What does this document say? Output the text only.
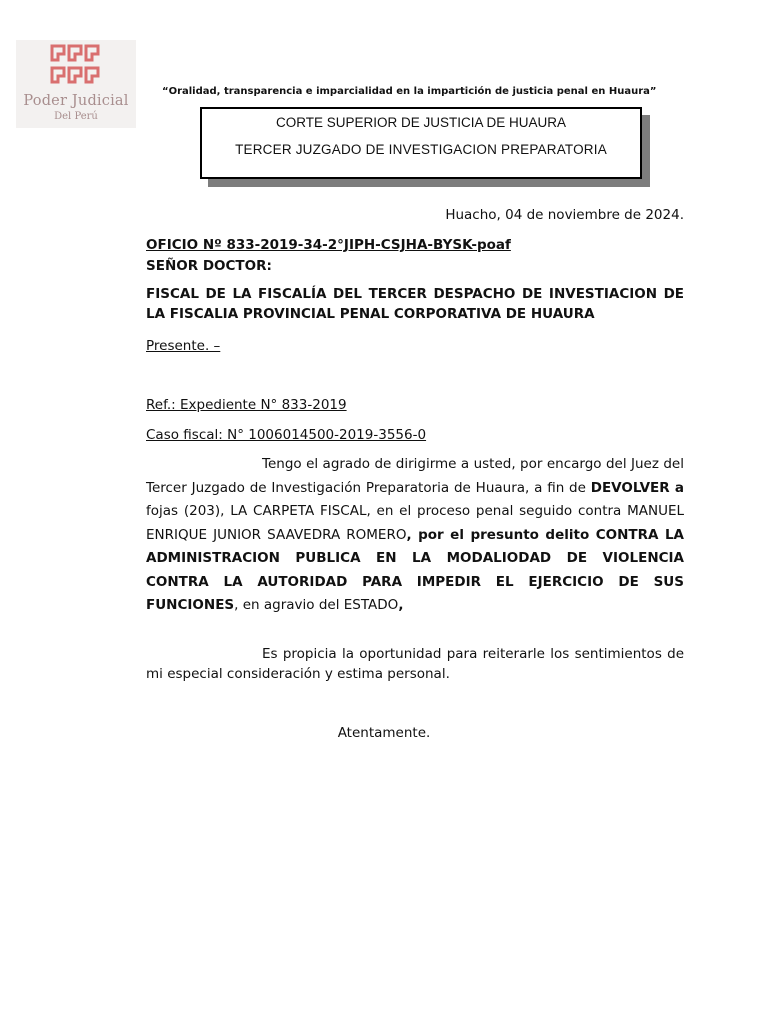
Poder Judicial
Del Perú
“Oralidad, transparencia e imparcialidad en la impartición de justicia penal en Huaura”
CORTE SUPERIOR DE JUSTICIA DE HUAURA
TERCER JUZGADO DE INVESTIGACION PREPARATORIA
Huacho, 04 de noviembre de 2024.
OFICIO Nº 833-2019-34-2°JIPH-CSJHA-BYSK-poaf
SEÑOR DOCTOR:
FISCAL DE LA FISCALÍA DEL TERCER DESPACHO DE INVESTIACION DE LA FISCALIA PROVINCIAL PENAL CORPORATIVA DE HUAURA
Presente. –
Ref.: Expediente N° 833-2019
Caso fiscal: N° 1006014500-2019-3556-0
Tengo el agrado de dirigirme a usted, por encargo del Juez del Tercer Juzgado de Investigación Preparatoria de Huaura, a fin de DEVOLVER a fojas (203), LA CARPETA FISCAL, en el proceso penal seguido contra MANUEL ENRIQUE JUNIOR SAAVEDRA ROMERO, por el presunto delito CONTRA LA ADMINISTRACION PUBLICA EN LA MODALIODAD DE VIOLENCIA CONTRA LA AUTORIDAD PARA IMPEDIR EL EJERCICIO DE SUS FUNCIONES, en agravio del ESTADO,
Es propicia la oportunidad para reiterarle los sentimientos de mi especial consideración y estima personal.
Atentamente.
